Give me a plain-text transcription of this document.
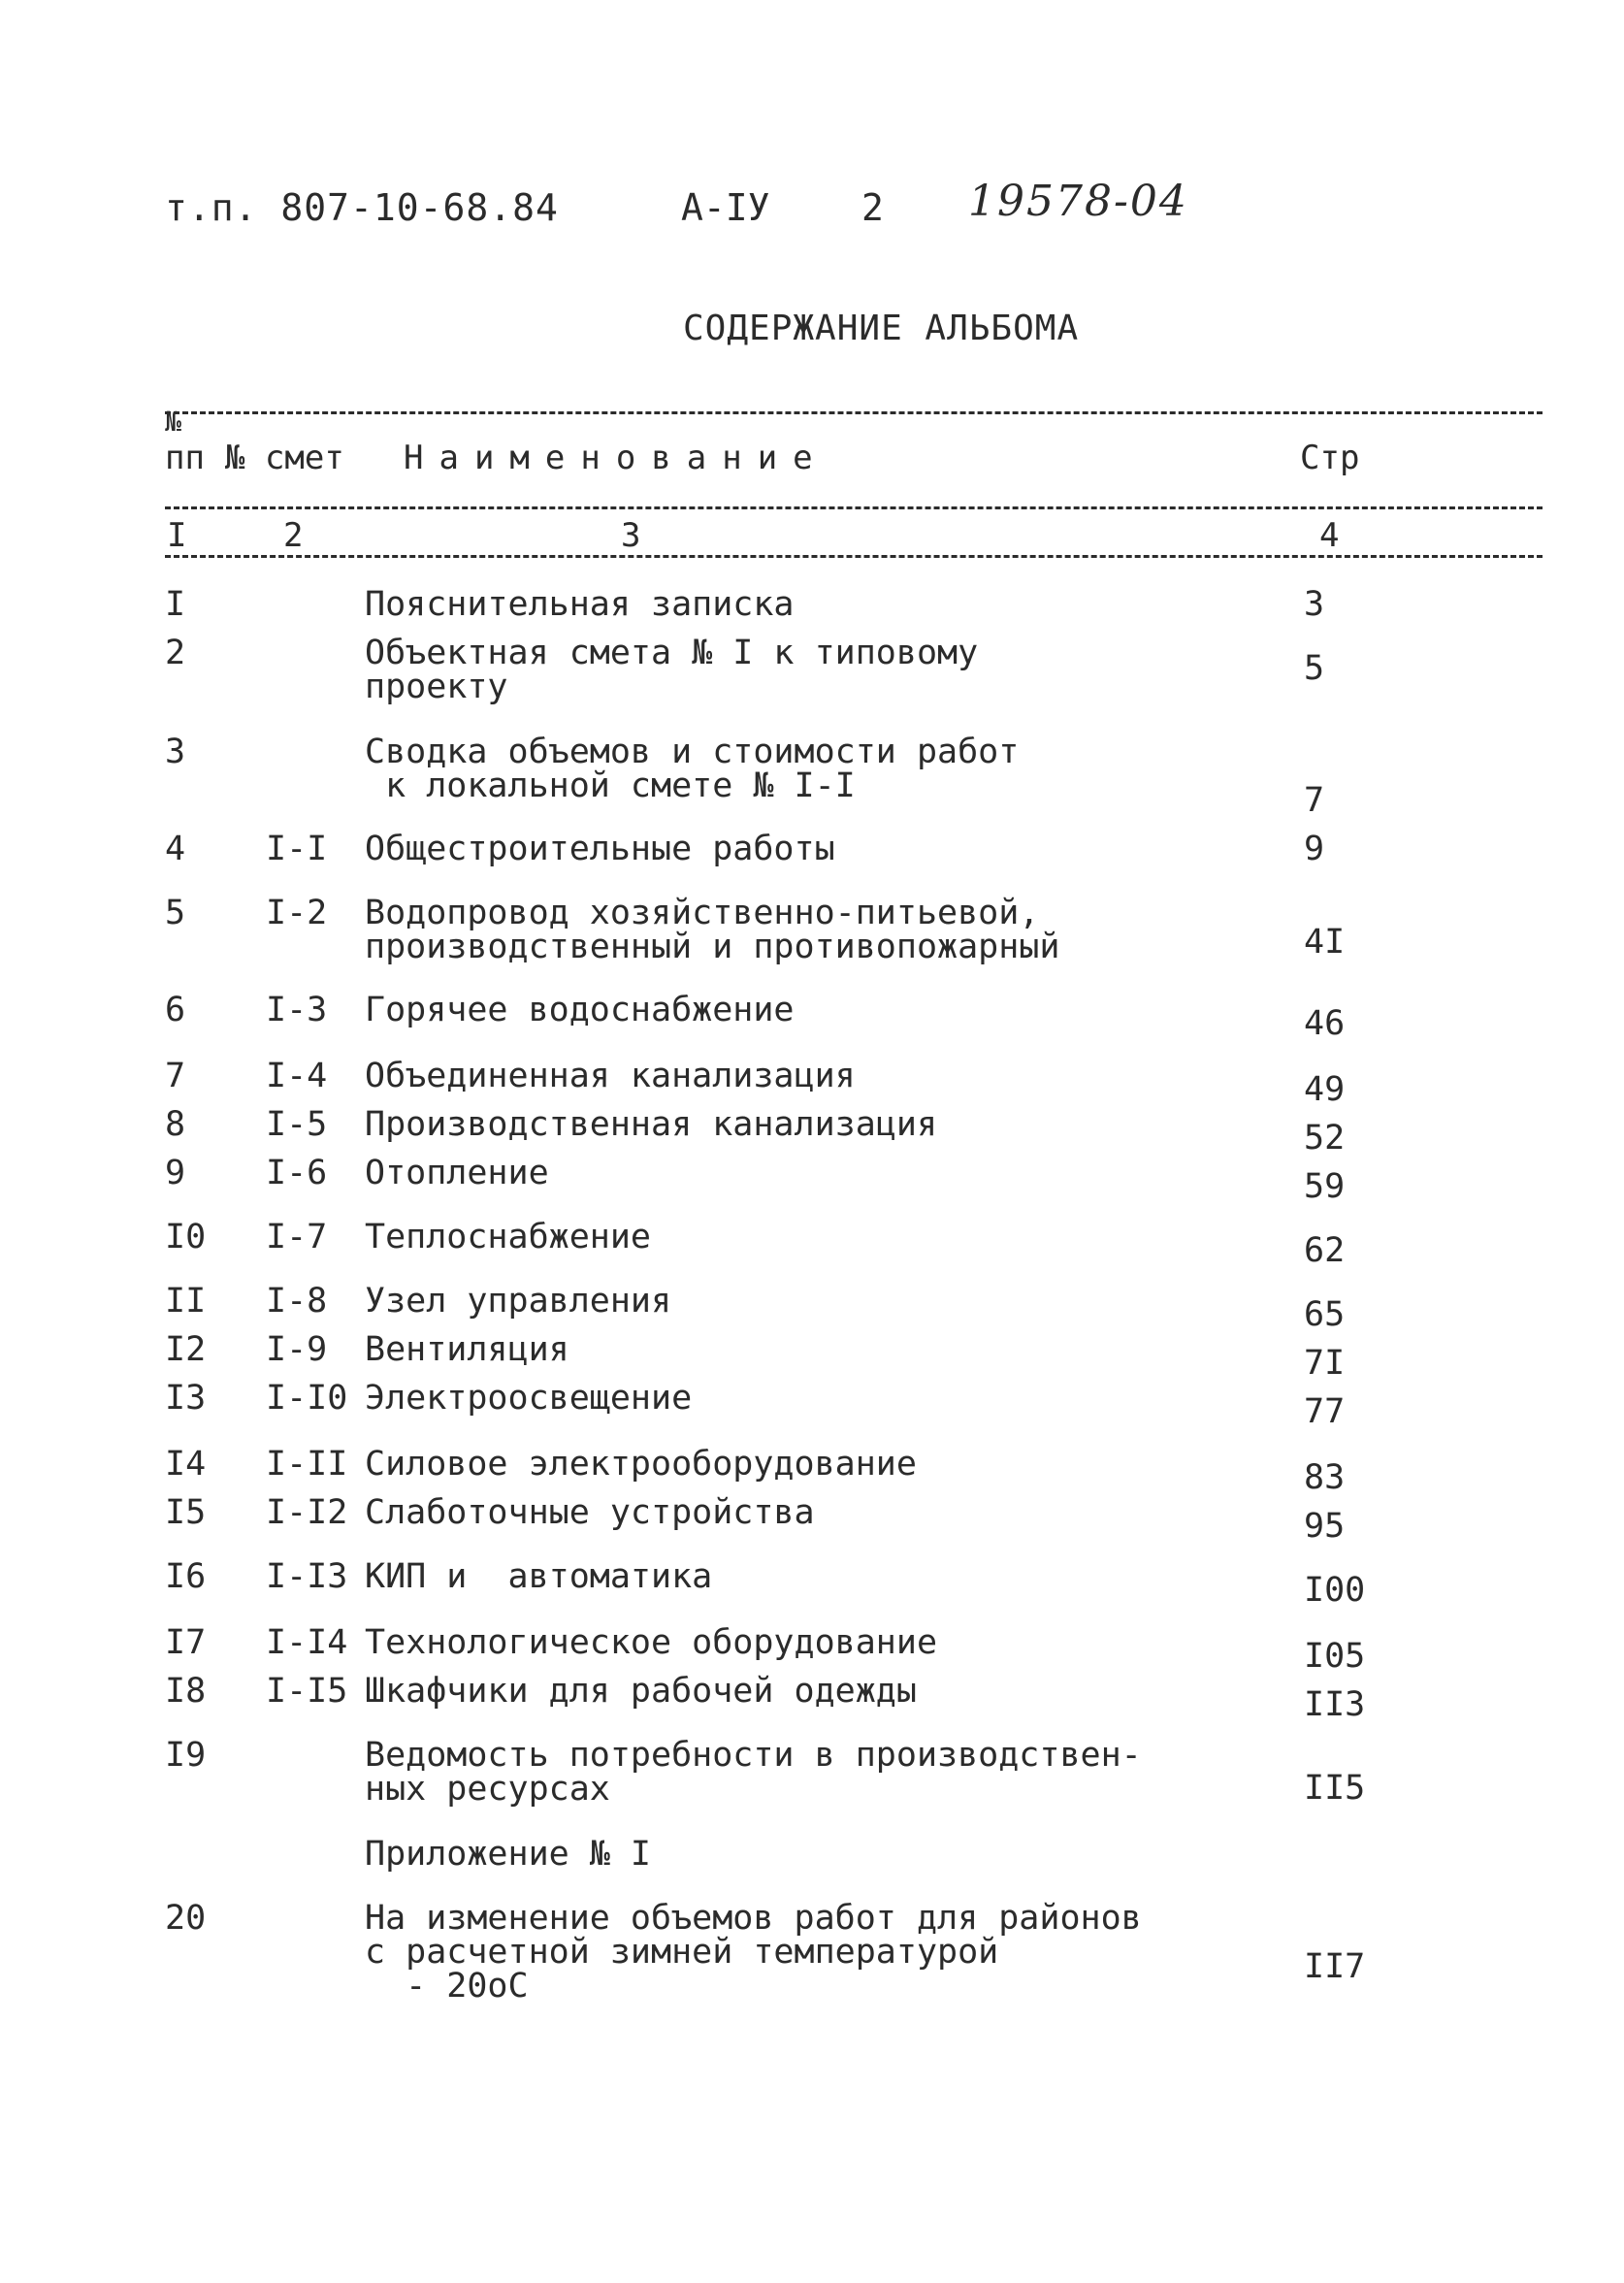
т.п. 807-10-68.84	А-IУ 2 19578-04
СОДЕРЖАНИЕ АЛЬБОМА
№
пп № смет Наименование	Стр
I	2	3	4
I	Пояснительная записка	3
2	Объектная смета № I к типовому
проекту	5
3	Сводка объемов и стоимости работ
к локальной смете № I-I	7
4 I-I Общестроительные работы	9
5 I-2 Водопровод хозяйственно-питьевой,
производственный и противопожарный	4I
6 I-3 Горячее водоснабжение	46
7 I-4 Объединенная канализация	49
8 I-5 Производственная канализация	52
9 I-6 Отопление	59
I0 I-7 Теплоснабжение	62
II I-8 Узел управления	65
I2 I-9 Вентиляция	7I
I3 I-I0 Электроосвещение	77
I4 I-II Силовое электрооборудование	83
I5 I-I2 Слаботочные устройства	95
I6 I-I3 КИП и  автоматика	I00
I7 I-I4 Технологическое оборудование	I05
I8 I-I5 Шкафчики для рабочей одежды	II3
I9	Ведомость потребности в производствен-
ных ресурсах	II5
Приложение № I
20	На изменение объемов работ для районов
с расчетной зимней температурой
- 20оС	II7
